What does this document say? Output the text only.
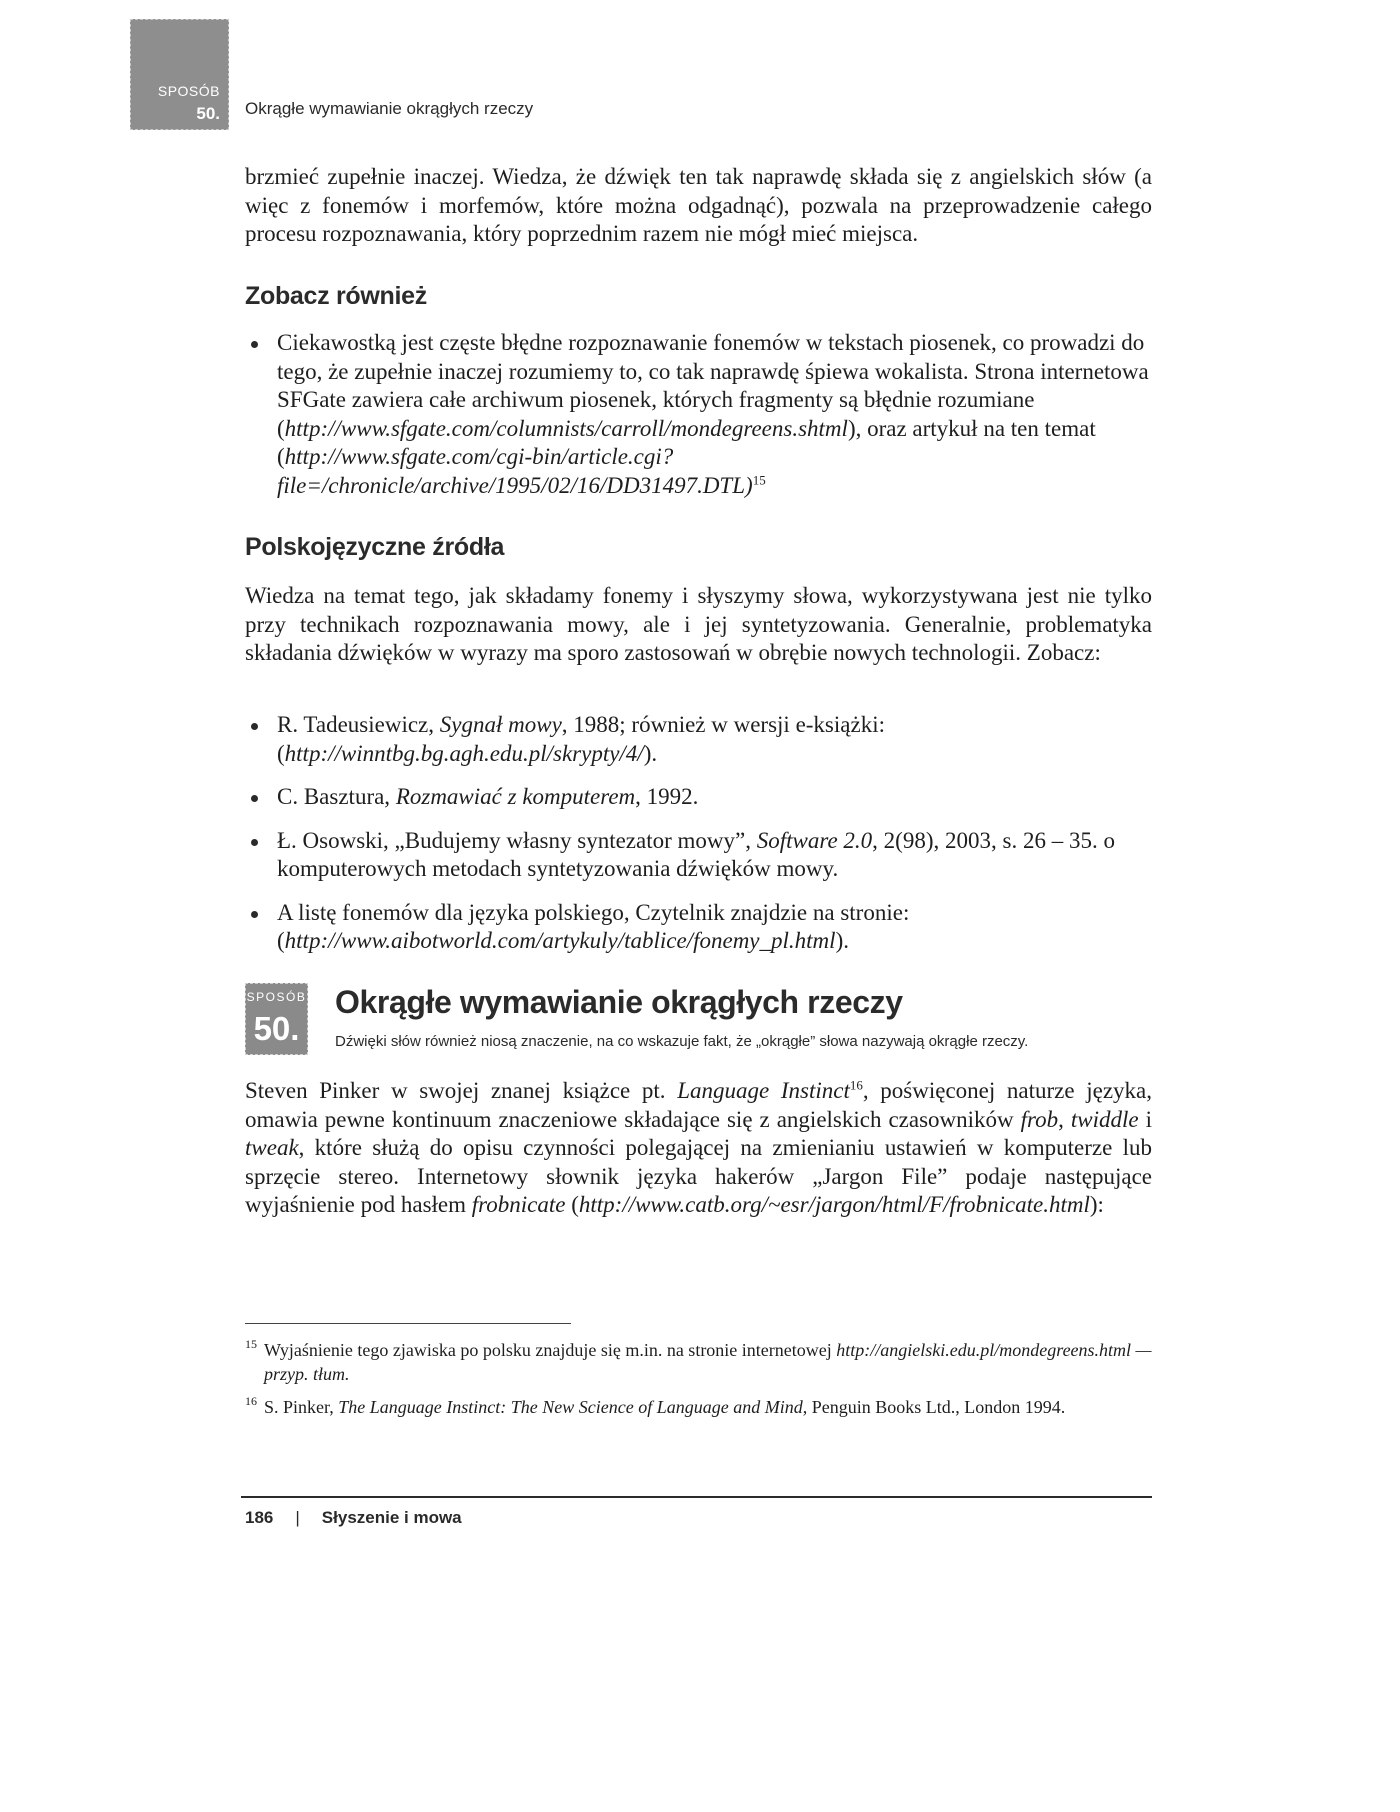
SPOSÓB
50. Okrągłe wymawianie okrągłych rzeczy

brzmieć zupełnie inaczej. Wiedza, że dźwięk ten tak naprawdę składa się z angielskich słów (a więc z fonemów i morfemów, które można odgadnąć), pozwala na przeprowadzenie całego procesu rozpoznawania, który poprzednim razem nie mógł mieć miejsca.

Zobacz również
Ciekawostką jest częste błędne rozpoznawanie fonemów w tekstach piosenek, co prowadzi do tego, że zupełnie inaczej rozumiemy to, co tak naprawdę śpiewa wokalista. Strona internetowa SFGate zawiera całe archiwum piosenek, których fragmenty są błędnie rozumiane (http://www.sfgate.com/columnists/carroll/mondegreens.shtml), oraz artykuł na ten temat (http://www.sfgate.com/cgi-bin/article.cgi?file=/chronicle/archive/1995/02/16/DD31497.DTL)$^{15}$
Polskojęzyczne źródła

Wiedza na temat tego, jak składamy fonemy i słyszymy słowa, wykorzystywana jest nie tylko przy technikach rozpoznawania mowy, ale i jej syntetyzowania. Generalnie, problematyka składania dźwięków w wyrazy ma sporo zastosowań w obrębie nowych technologii. Zobacz:

R. Tadeusiewicz, Sygnał mowy, 1988; również w wersji e-książki: (http://winntbg.bg.agh.edu.pl/skrypty/4/).
C. Basztura, Rozmawiać z komputerem, 1992.
Ł. Osowski, „Budujemy własny syntezator mowy”, Software 2.0, 2(98), 2003, s. 26 – 35. o komputerowych metodach syntetyzowania dźwięków mowy.
A listę fonemów dla języka polskiego, Czytelnik znajdzie na stronie: (http://www.aibotworld.com/artykuly/tablice/fonemy_pl.html).
SPOSÓB
50.
Okrągłe wymawianie okrągłych rzeczy
Dźwięki słów również niosą znaczenie, na co wskazuje fakt, że „okrągłe” słowa nazywają okrągłe rzeczy.

Steven Pinker w swojej znanej książce pt. Language Instinct$^{16}$, poświęconej naturze języka, omawia pewne kontinuum znaczeniowe składające się z angielskich czasowników frob, twiddle i tweak, które służą do opisu czynności polegającej na zmienianiu ustawień w komputerze lub sprzęcie stereo. Internetowy słownik języka hakerów „Jargon File” podaje następujące wyjaśnienie pod hasłem frobnicate (http://www.catb.org/~esr/jargon/html/F/frobnicate.html):

15 Wyjaśnienie tego zjawiska po polsku znajduje się m.in. na stronie internetowej http://angielski.edu.pl/mondegreens.html — przyp. tłum.
16 S. Pinker, The Language Instinct: The New Science of Language and Mind, Penguin Books Ltd., London 1994.
186 | Słyszenie i mowa
